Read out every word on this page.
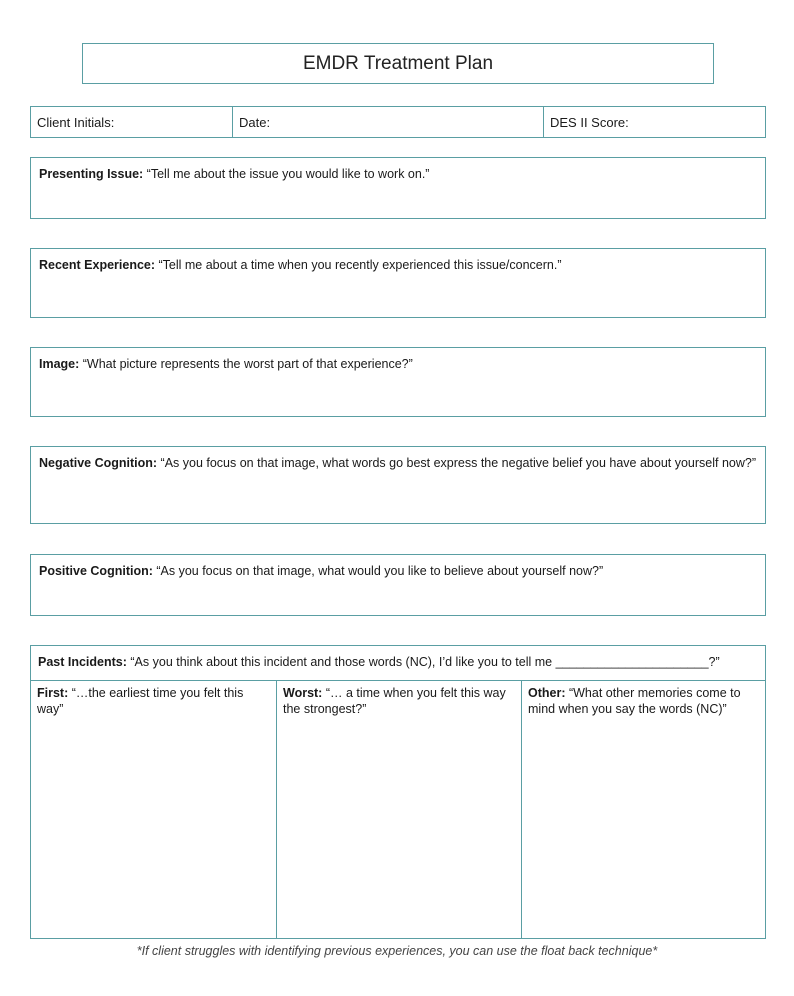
EMDR Treatment Plan
Client Initials:	Date:	DES II Score:
Presenting Issue: “Tell me about the issue you would like to work on.”
Recent Experience: “Tell me about a time when you recently experienced this issue/concern.”
Image: “What picture represents the worst part of that experience?”
Negative Cognition: “As you focus on that image, what words go best express the negative belief you have about yourself now?”
Positive Cognition: “As you focus on that image, what would you like to believe about yourself now?”
Past Incidents: “As you think about this incident and those words (NC), I’d like you to tell me ______________________?”
First: “…the earliest time you felt this way”
Worst: “… a time when you felt this way the strongest?”
Other: “What other memories come to mind when you say the words (NC)”
*If client struggles with identifying previous experiences, you can use the float back technique*
